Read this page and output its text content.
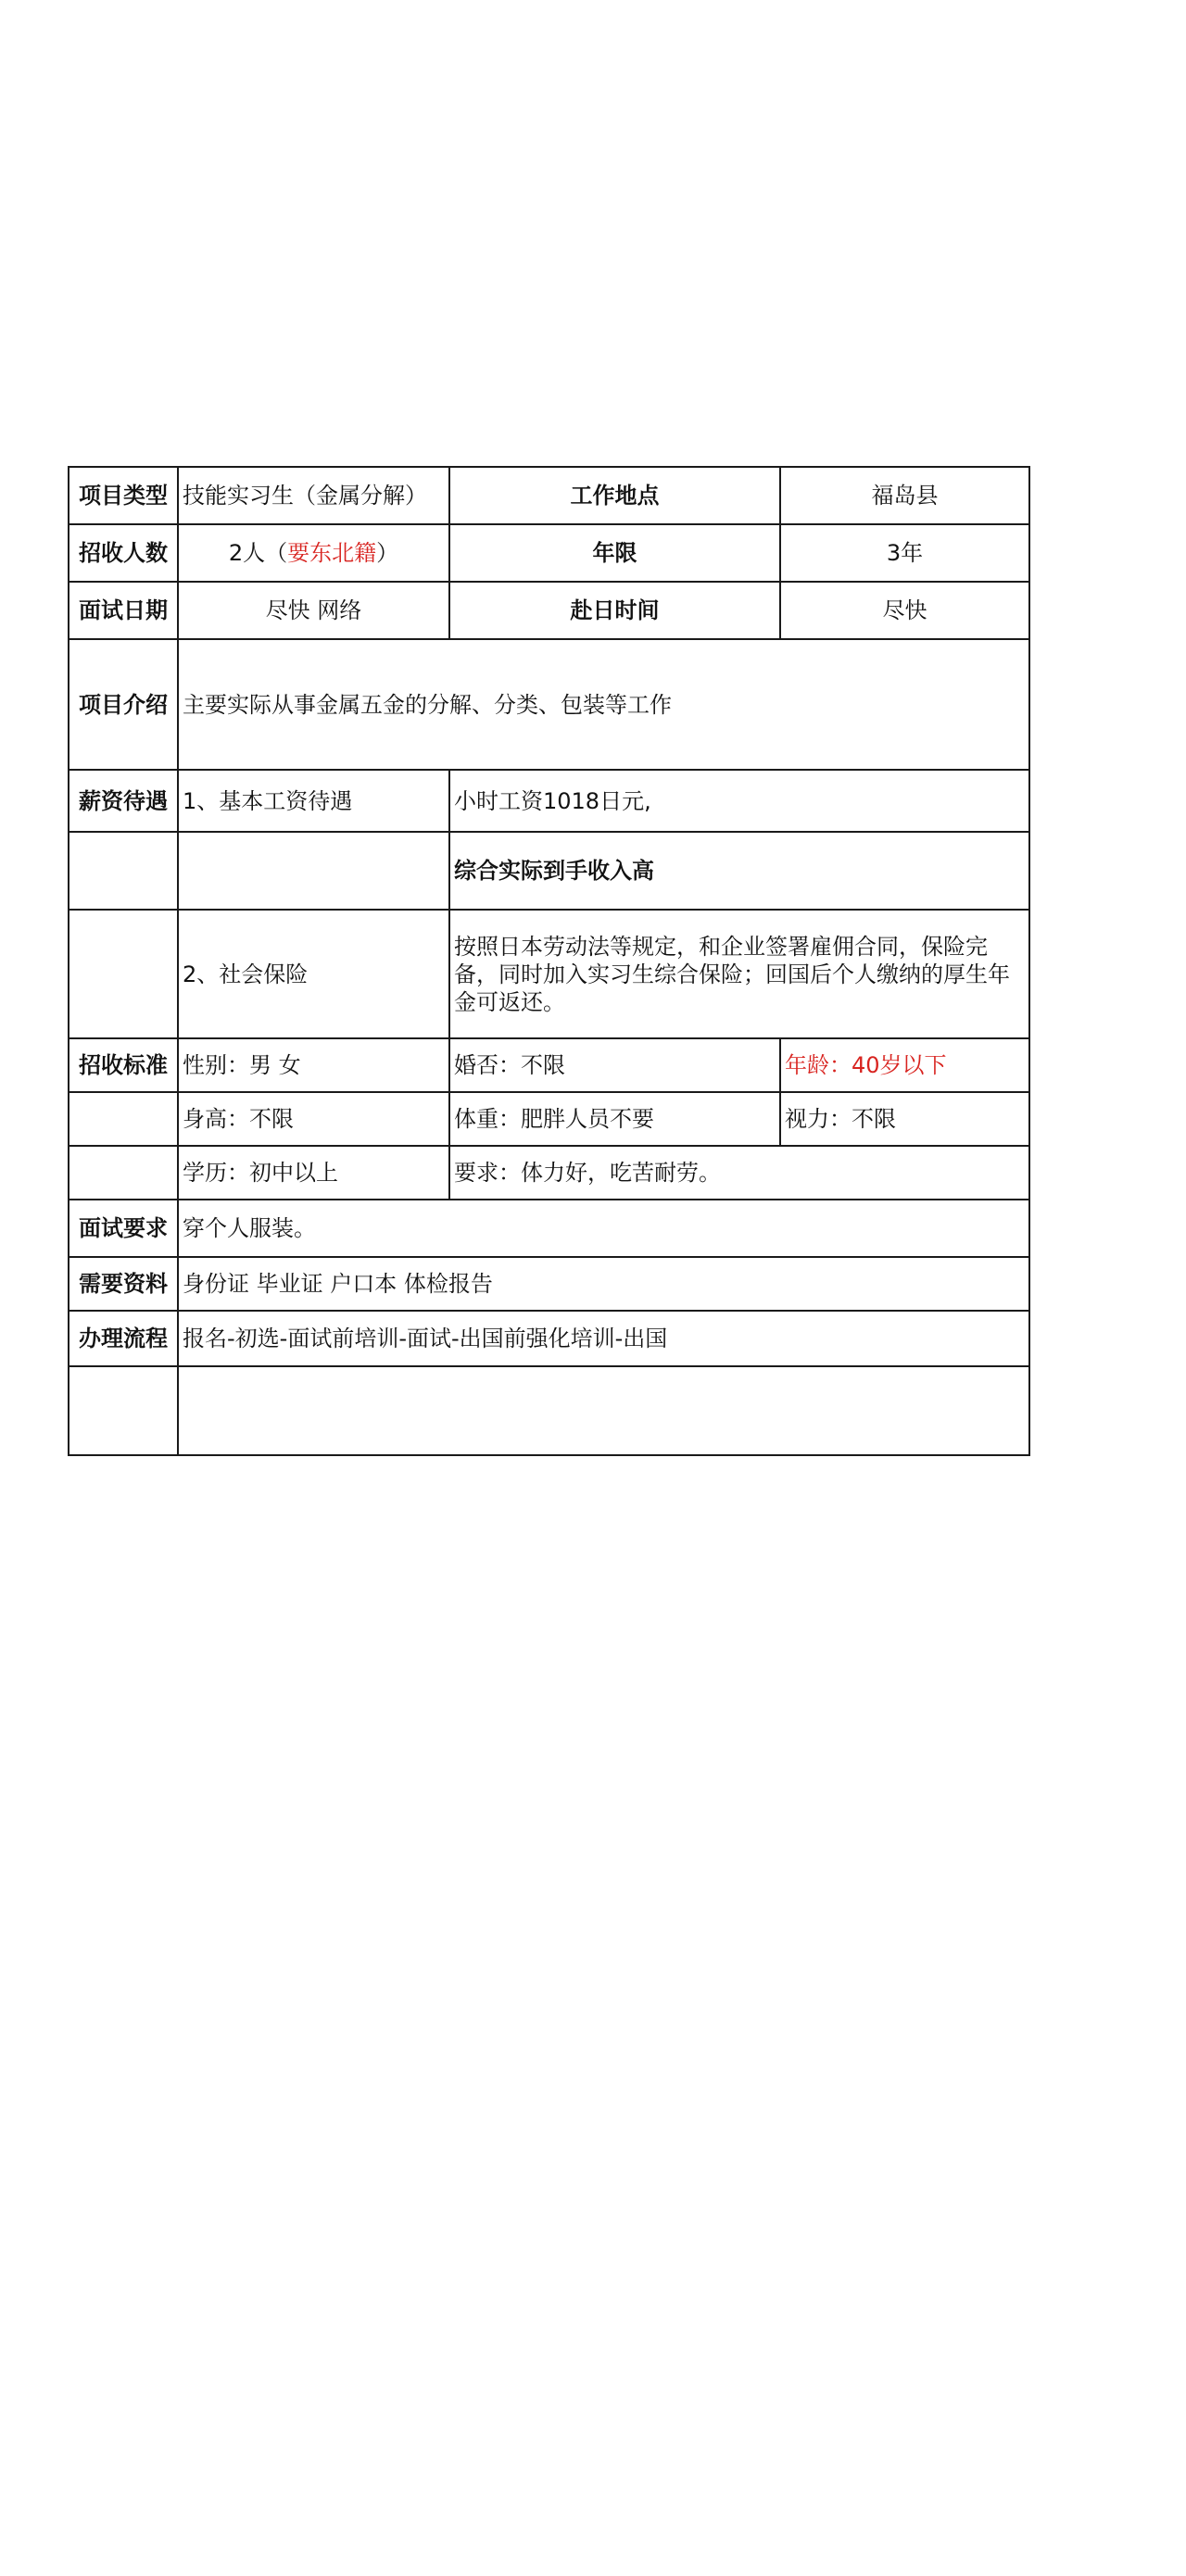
项目类型	技能实习生（金属分解）	工作地点	福岛县
招收人数	2人（要东北籍）	年限	3年
面试日期	尽快 网络	赴日时间	尽快
项目介绍	主要实际从事金属五金的分解、分类、包装等工作		
薪资待遇	1、基本工资待遇	小时工资1018日元,	
		综合实际到手收入高	
	2、社会保险	按照日本劳动法等规定，和企业签署雇佣合同，保险完备，同时加入实习生综合保险；回国后个人缴纳的厚生年金可返还。	
招收标准	性别：男 女	婚否：不限	年龄：40岁以下
	身高：不限	体重：肥胖人员不要	视力：不限
	学历：初中以上	要求：体力好，吃苦耐劳。	
面试要求	穿个人服装。		
需要资料	身份证 毕业证 户口本 体检报告		
办理流程	报名-初选-面试前培训-面试-出国前强化培训-出国		
